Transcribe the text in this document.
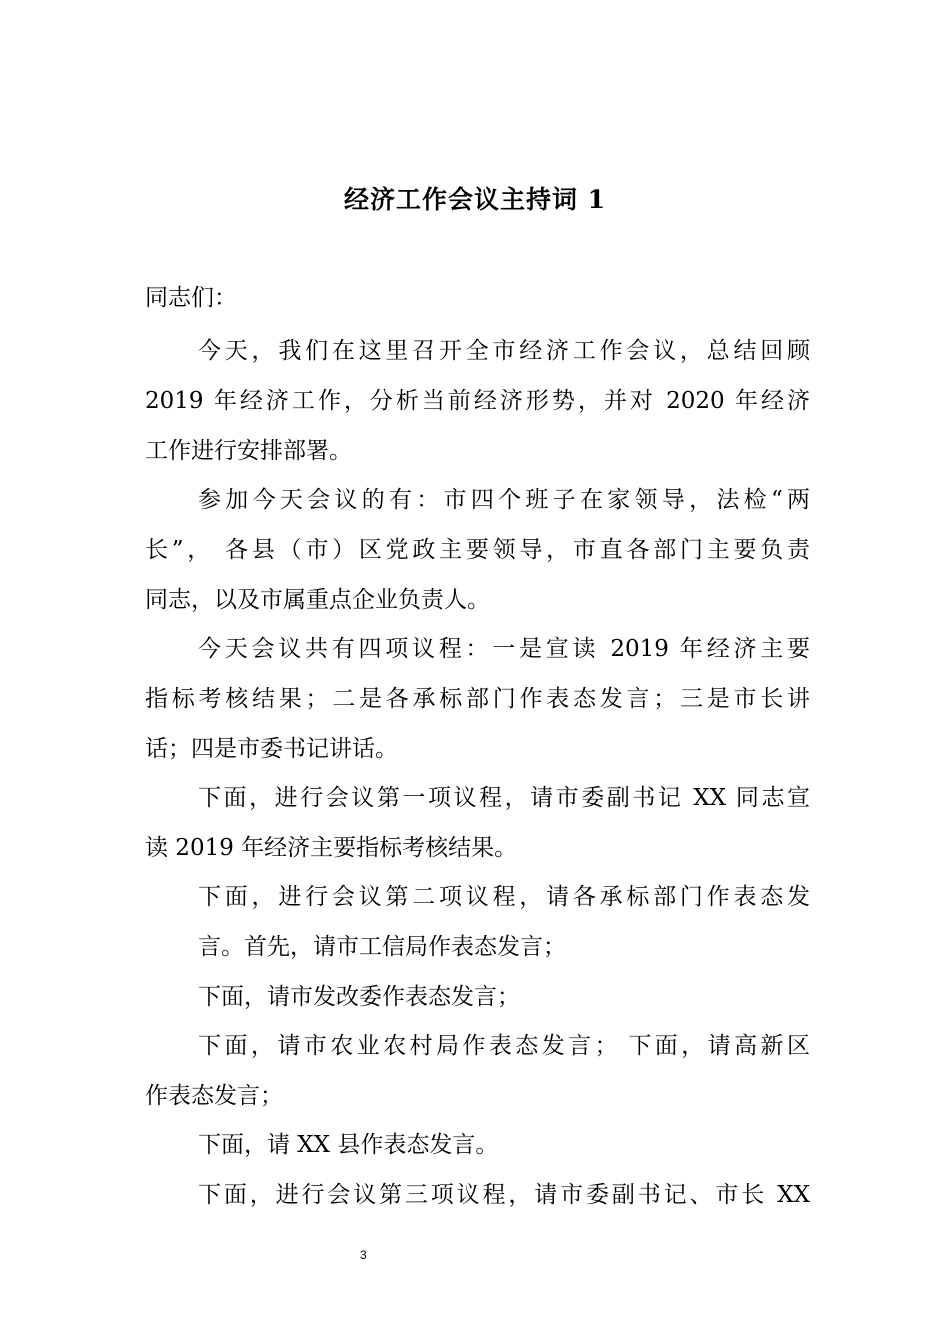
经济工作会议主持词 1
同志们：
今天，我们在这里召开全市经济工作会议，总结回顾
2019 年经济工作，分析当前经济形势，并对 2020 年经济
工作进行安排部署。
参加今天会议的有：市四个班子在家领导，法检“两
长”， 各县（市）区党政主要领导，市直各部门主要负责
同志，以及市属重点企业负责人。
今天会议共有四项议程：一是宣读 2019 年经济主要
指标考核结果；二是各承标部门作表态发言；三是市长讲
话；四是市委书记讲话。
下面，进行会议第一项议程，请市委副书记 XX 同志宣
读 2019 年经济主要指标考核结果。
下面，进行会议第二项议程，请各承标部门作表态发
言。首先，请市工信局作表态发言；
下面，请市发改委作表态发言；
下面，请市农业农村局作表态发言； 下面，请高新区
作表态发言；
下面，请 XX 县作表态发言。
下面，进行会议第三项议程，请市委副书记、市长 XX
3
